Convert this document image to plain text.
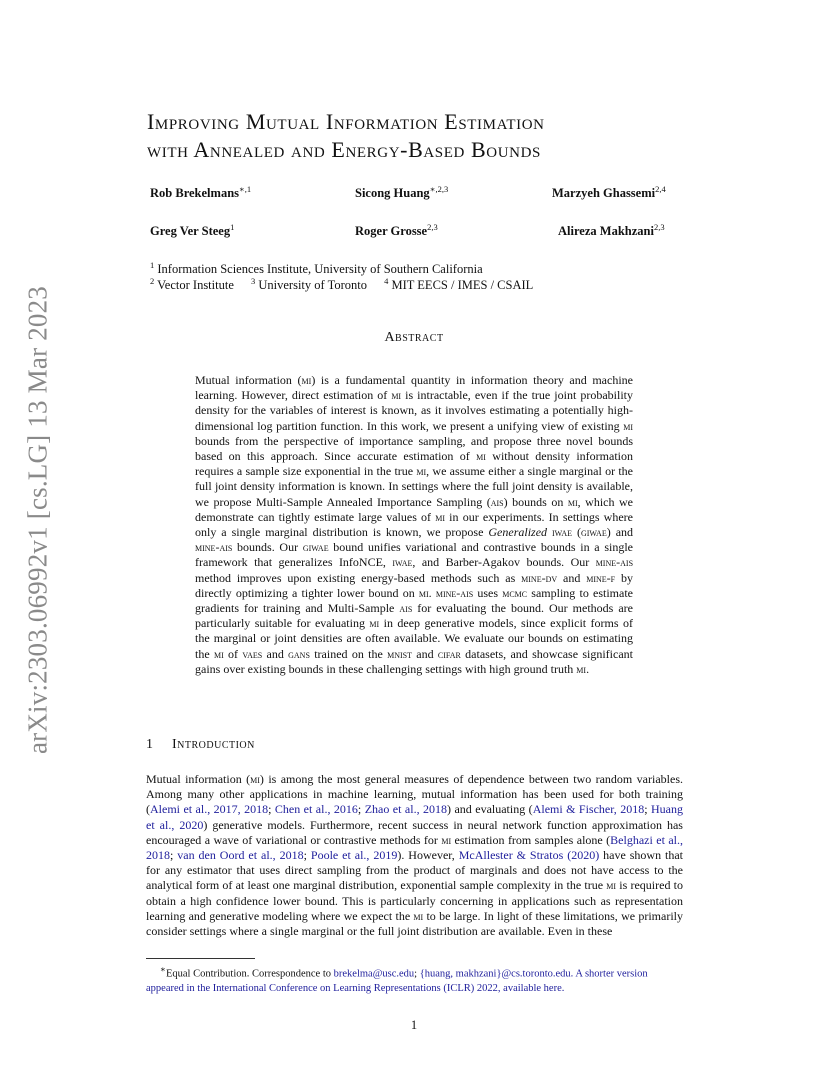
arXiv:2303.06992v1 [cs.LG] 13 Mar 2023
Improving Mutual Information Estimation
with Annealed and Energy-Based Bounds
Rob Brekelmans$^{∗,1}$	Sicong Huang$^{∗,2,3}$	Marzyeh Ghassemi$^{2,4}$
Greg Ver Steeg$^1$	Roger Grosse$^{2,3}$	Alireza Makhzani$^{2,3}$
$^1$ Information Sciences Institute, University of Southern California
$^2$ Vector Institute $^3$ University of Toronto $^4$ MIT EECS / IMES / CSAIL
Abstract
Mutual information (mi) is a fundamental quantity in information theory and machine learning. However, direct estimation of mi is intractable, even if the true joint probability density for the variables of interest is known, as it involves estimating a potentially high-dimensional log partition function. In this work, we present a unifying view of existing mi bounds from the perspective of importance sampling, and propose three novel bounds based on this approach. Since accurate estimation of mi without density information requires a sample size exponential in the true mi, we assume either a single marginal or the full joint density information is known. In settings where the full joint density is available, we propose Multi-Sample Annealed Importance Sampling (ais) bounds on mi, which we demonstrate can tightly estimate large values of mi in our experiments. In settings where only a single marginal distribution is known, we propose Generalized iwae (giwae) and mine-ais bounds. Our giwae bound unifies variational and contrastive bounds in a single framework that generalizes InfoNCE, iwae, and Barber-Agakov bounds. Our mine-ais method improves upon existing energy-based methods such as mine-dv and mine-f by directly optimizing a tighter lower bound on mi. mine-ais uses mcmc sampling to estimate gradients for training and Multi-Sample ais for evaluating the bound. Our methods are particularly suitable for evaluating mi in deep generative models, since explicit forms of the marginal or joint densities are often available. We evaluate our bounds on estimating the mi of vaes and gans trained on the mnist and cifar datasets, and showcase significant gains over existing bounds in these challenging settings with high ground truth mi.
1 Introduction
Mutual information (mi) is among the most general measures of dependence between two random variables. Among many other applications in machine learning, mutual information has been used for both training (Alemi et al., 2017, 2018; Chen et al., 2016; Zhao et al., 2018) and evaluating (Alemi & Fischer, 2018; Huang et al., 2020) generative models. Furthermore, recent success in neural network function approximation has encouraged a wave of variational or contrastive methods for mi estimation from samples alone (Belghazi et al., 2018; van den Oord et al., 2018; Poole et al., 2019). However, McAllester & Stratos (2020) have shown that for any estimator that uses direct sampling from the product of marginals and does not have access to the analytical form of at least one marginal distribution, exponential sample complexity in the true mi is required to obtain a high confidence lower bound. This is particularly concerning in applications such as representation learning and generative modeling where we expect the mi to be large. In light of these limitations, we primarily consider settings where a single marginal or the full joint distribution are available. Even in these
∗Equal Contribution. Correspondence to brekelma@usc.edu; {huang, makhzani}@cs.toronto.edu. A shorter version appeared in the International Conference on Learning Representations (ICLR) 2022, available here.
1
